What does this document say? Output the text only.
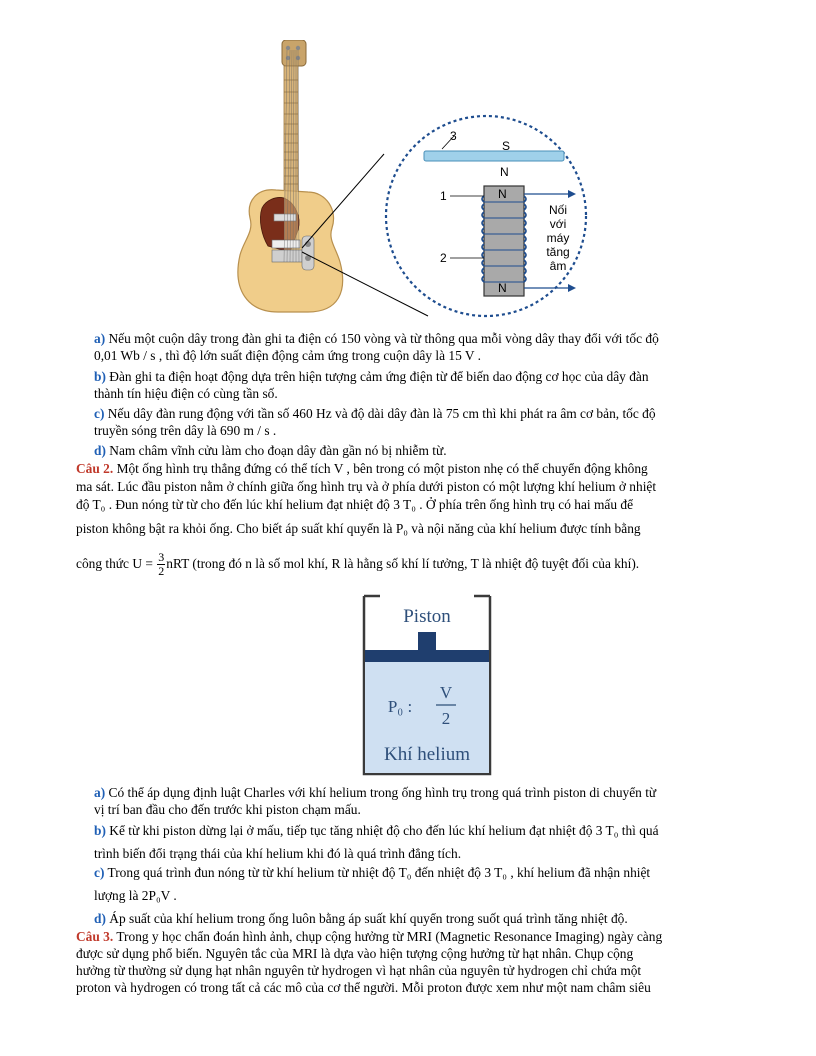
3
S
N
1	N
2
N
Nối
với
máy
tăng
âm
a) Nếu một cuộn dây trong đàn ghi ta điện có 150 vòng và từ thông qua mỗi vòng dây thay đổi với tốc độ
0,01 Wb / s , thì độ lớn suất điện động cảm ứng trong cuộn dây là 15 V .
b) Đàn ghi ta điện hoạt động dựa trên hiện tượng cảm ứng điện từ để biến dao động cơ học của dây đàn
thành tín hiệu điện có cùng tần số.
c) Nếu dây đàn rung động với tần số 460 Hz và độ dài dây đàn là 75 cm thì khi phát ra âm cơ bản, tốc độ
truyền sóng trên dây là 690 m / s .
d) Nam châm vĩnh cửu làm cho đoạn dây đàn gần nó bị nhiễm từ.
Câu 2. Một ống hình trụ thẳng đứng có thể tích V , bên trong có một piston nhẹ có thể chuyển động không
ma sát. Lúc đầu piston nằm ở chính giữa ống hình trụ và ở phía dưới piston có một lượng khí helium ở nhiệt
độ T₀ . Đun nóng từ từ cho đến lúc khí helium đạt nhiệt độ 3 T₀ . Ở phía trên ống hình trụ có hai mấu để
piston không bật ra khỏi ống. Cho biết áp suất khí quyển là P₀ và nội năng của khí helium được tính bằng
công thức $U = \frac{3}{2}$ nRT (trong đó n là số mol khí, R là hằng số khí lí tưởng, T là nhiệt độ tuyệt đối của khí).
Piston
P₀ :
V
2
Khí helium
a) Có thể áp dụng định luật Charles với khí helium trong ống hình trụ trong quá trình piston di chuyển từ
vị trí ban đầu cho đến trước khi piston chạm mấu.
b) Kể từ khi piston dừng lại ở mấu, tiếp tục tăng nhiệt độ cho đến lúc khí helium đạt nhiệt độ 3 T₀ thì quá
trình biến đổi trạng thái của khí helium khi đó là quá trình đẳng tích.
c) Trong quá trình đun nóng từ từ khí helium từ nhiệt độ T₀ đến nhiệt độ 3 T₀ , khí helium đã nhận nhiệt
lượng là 2P₀V .
d) Áp suất của khí helium trong ống luôn bằng áp suất khí quyển trong suốt quá trình tăng nhiệt độ.
Câu 3. Trong y học chẩn đoán hình ảnh, chụp cộng hưởng từ MRI (Magnetic Resonance Imaging) ngày càng
được sử dụng phổ biến. Nguyên tắc của MRI là dựa vào hiện tượng cộng hưởng từ hạt nhân. Chụp cộng
hưởng từ thường sử dụng hạt nhân nguyên tử hydrogen vì hạt nhân của nguyên tử hydrogen chỉ chứa một
proton và hydrogen có trong tất cả các mô của cơ thể người. Mỗi proton được xem như một nam châm siêu
